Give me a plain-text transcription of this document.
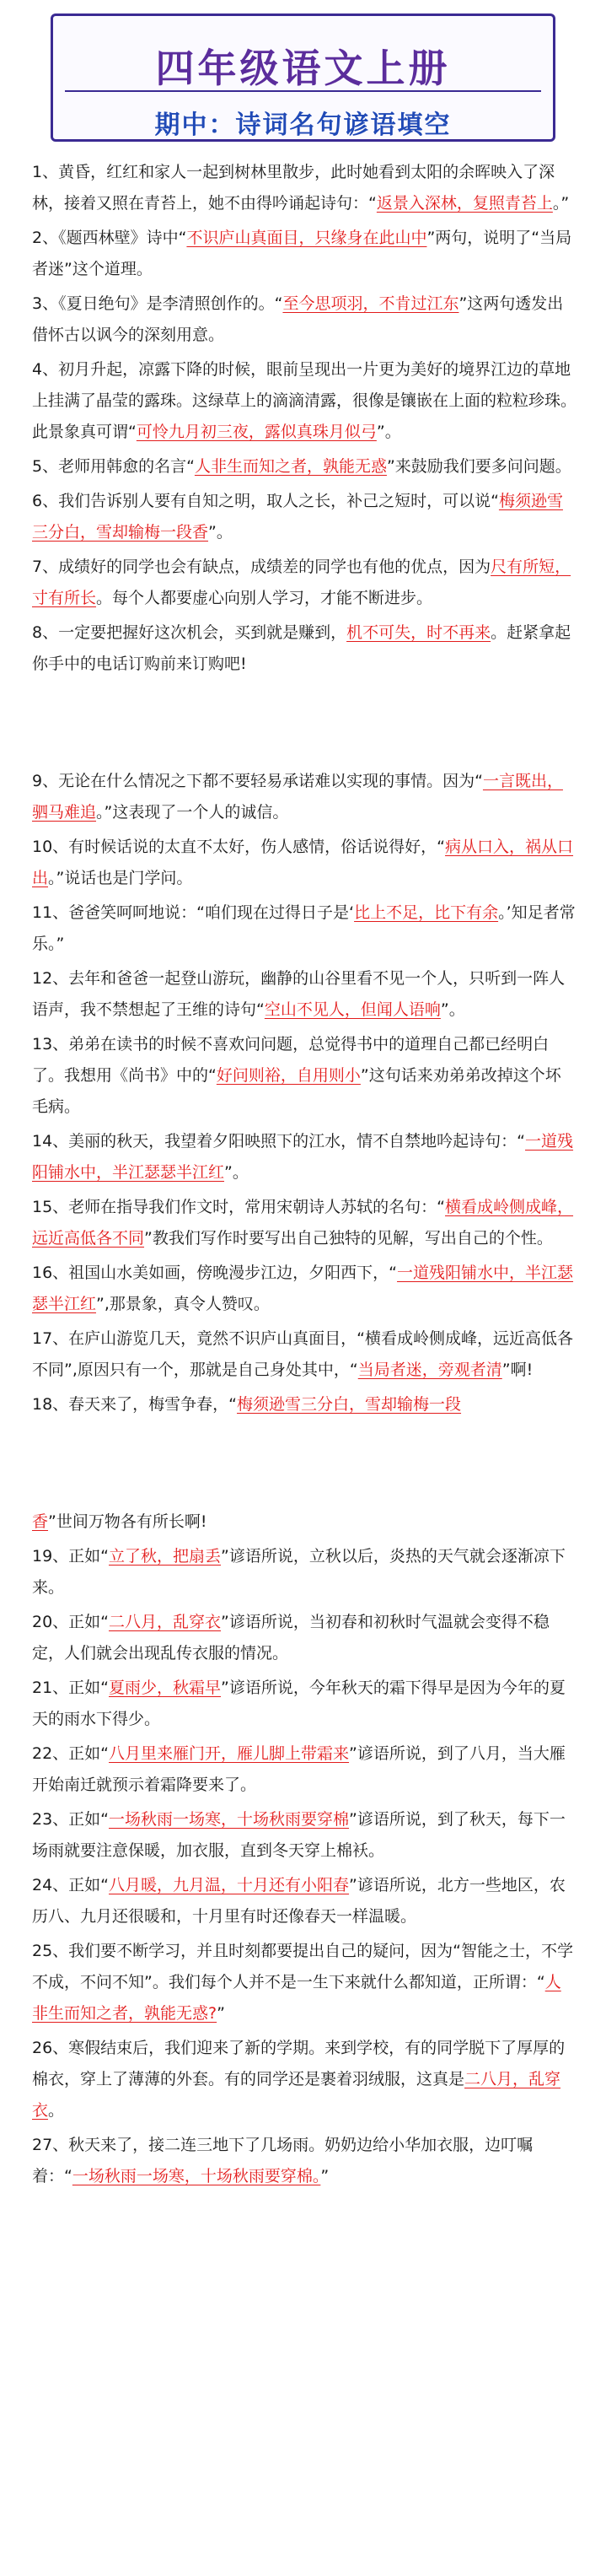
四年级语文上册
期中：诗词名句谚语填空
1、黄昏，红红和家人一起到树林里散步，此时她看到太阳的余晖映入了深林，接着又照在青苔上，她不由得吟诵起诗句：“返景入深林，复照青苔上。”
2、《题西林壁》诗中“不识庐山真面目，只缘身在此山中”两句，说明了“当局者迷”这个道理。
3、《夏日绝句》是李清照创作的。“至今思项羽，不肯过江东”这两句透发出借怀古以讽今的深刻用意。
4、初月升起，凉露下降的时候，眼前呈现出一片更为美好的境界江边的草地上挂满了晶莹的露珠。这绿草上的滴滴清露，很像是镶嵌在上面的粒粒珍珠。此景象真可谓“可怜九月初三夜，露似真珠月似弓”。
5、老师用韩愈的名言“人非生而知之者，孰能无惑”来鼓励我们要多问问题。
6、我们告诉别人要有自知之明，取人之长，补己之短时，可以说“梅须逊雪三分白，雪却输梅一段香”。
7、成绩好的同学也会有缺点，成绩差的同学也有他的优点，因为尺有所短，寸有所长。每个人都要虚心向别人学习，才能不断进步。
8、一定要把握好这次机会，买到就是赚到，机不可失，时不再来。赶紧拿起你手中的电话订购前来订购吧!
9、无论在什么情况之下都不要轻易承诺难以实现的事情。因为“一言既出，驷马难追。”这表现了一个人的诚信。
10、有时候话说的太直不太好，伤人感情，俗话说得好，“病从口入，祸从口出。”说话也是门学问。
11、爸爸笑呵呵地说：“咱们现在过得日子是‘比上不足，比下有余。’知足者常乐。”
12、去年和爸爸一起登山游玩，幽静的山谷里看不见一个人，只听到一阵人语声，我不禁想起了王维的诗句“空山不见人，但闻人语响”。
13、弟弟在读书的时候不喜欢问问题，总觉得书中的道理自己都已经明白了。我想用《尚书》中的“好问则裕，自用则小”这句话来劝弟弟改掉这个坏毛病。
14、美丽的秋天，我望着夕阳映照下的江水，情不自禁地吟起诗句：“一道残阳铺水中，半江瑟瑟半江红”。
15、老师在指导我们作文时，常用宋朝诗人苏轼的名句：“横看成岭侧成峰，远近高低各不同”教我们写作时要写出自己独特的见解，写出自己的个性。
16、祖国山水美如画，傍晚漫步江边，夕阳西下，“一道残阳铺水中，半江瑟瑟半江红”,那景象，真令人赞叹。
17、在庐山游览几天，竟然不识庐山真面目，“横看成岭侧成峰，远近高低各不同”,原因只有一个，那就是自己身处其中，“当局者迷，旁观者清”啊!
18、春天来了，梅雪争春，“梅须逊雪三分白，雪却输梅一段
香”世间万物各有所长啊!
19、正如“立了秋，把扇丢”谚语所说，立秋以后，炎热的天气就会逐渐凉下来。
20、正如“二八月，乱穿衣”谚语所说，当初春和初秋时气温就会变得不稳定，人们就会出现乱传衣服的情况。
21、正如“夏雨少，秋霜早”谚语所说，今年秋天的霜下得早是因为今年的夏天的雨水下得少。
22、正如“八月里来雁门开，雁儿脚上带霜来”谚语所说，到了八月，当大雁开始南迁就预示着霜降要来了。
23、正如“一场秋雨一场寒，十场秋雨要穿棉”谚语所说，到了秋天，每下一场雨就要注意保暖，加衣服，直到冬天穿上棉袄。
24、正如“八月暖，九月温，十月还有小阳春”谚语所说，北方一些地区，农历八、九月还很暖和，十月里有时还像春天一样温暖。
25、我们要不断学习，并且时刻都要提出自己的疑问，因为“智能之士，不学不成，不问不知”。我们每个人并不是一生下来就什么都知道，正所谓：“人非生而知之者，孰能无惑?”
26、寒假结束后，我们迎来了新的学期。来到学校，有的同学脱下了厚厚的棉衣，穿上了薄薄的外套。有的同学还是裹着羽绒服，这真是二八月，乱穿衣。
27、秋天来了，接二连三地下了几场雨。奶奶边给小华加衣服，边叮嘱着：“一场秋雨一场寒，十场秋雨要穿棉。”
